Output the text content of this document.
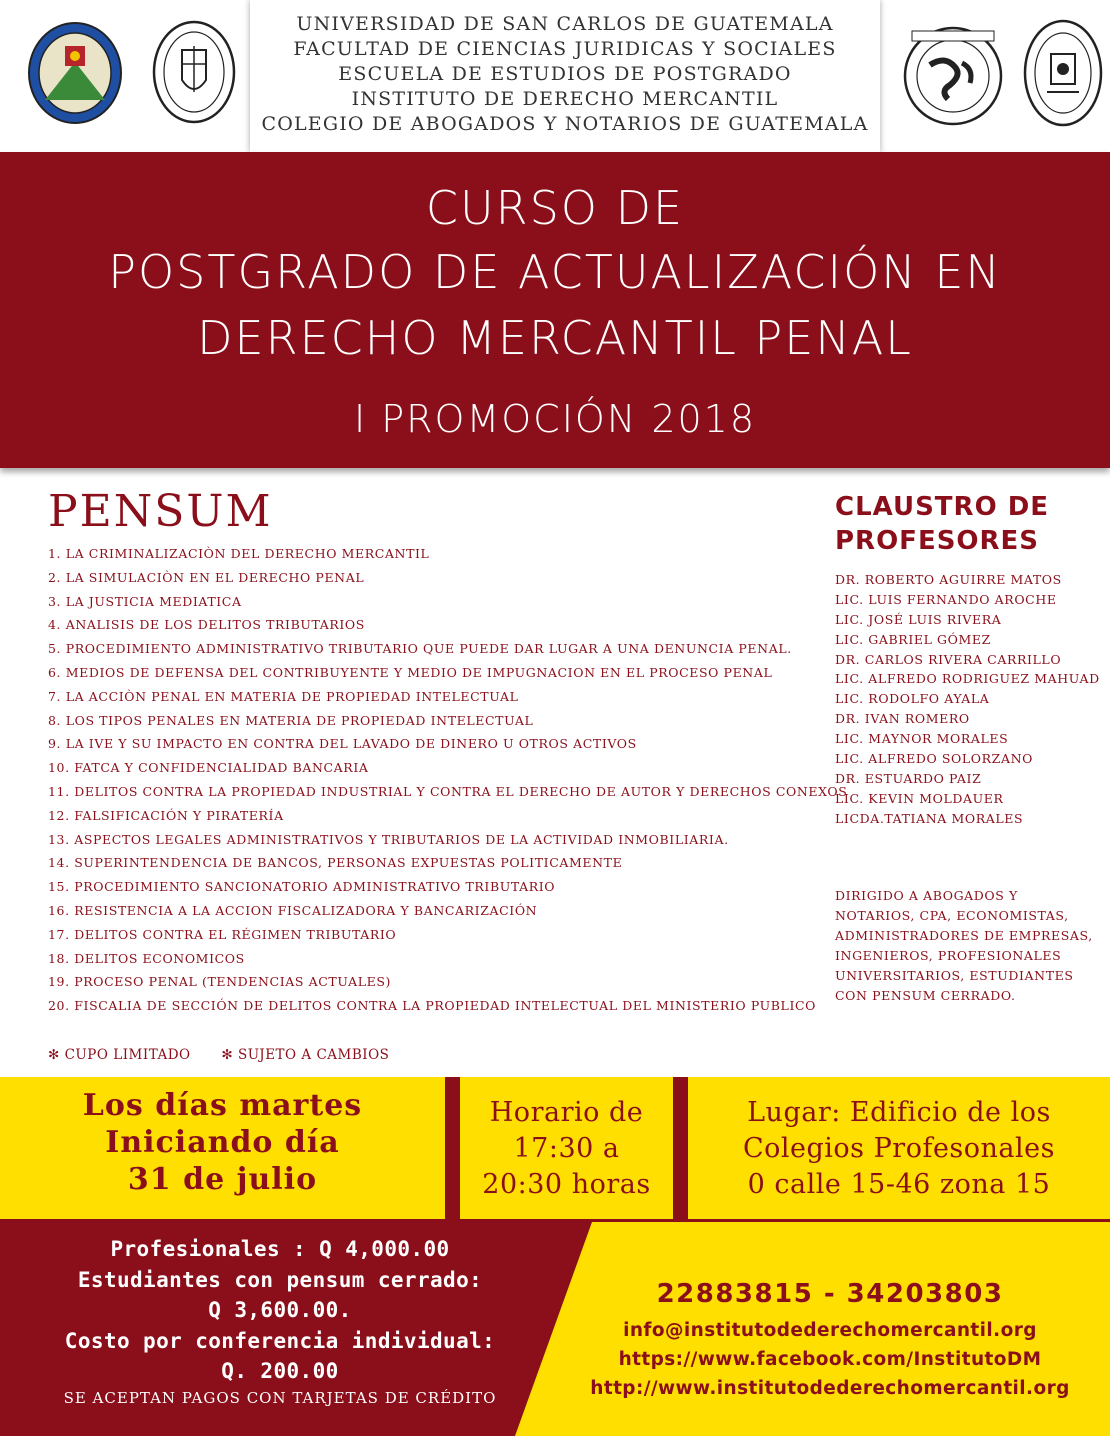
UNIVERSIDAD DE SAN CARLOS DE GUATEMALA
FACULTAD DE CIENCIAS JURIDICAS Y SOCIALES
ESCUELA DE ESTUDIOS DE POSTGRADO
INSTITUTO DE DERECHO MERCANTIL
COLEGIO DE ABOGADOS Y NOTARIOS DE GUATEMALA
CURSO DE
POSTGRADO DE ACTUALIZACIÓN EN
DERECHO MERCANTIL PENAL
I PROMOCIÓN 2018
PENSUM
1. LA CRIMINALIZACIÒN DEL DERECHO MERCANTIL
2. LA SIMULACIÒN EN EL DERECHO PENAL
3. LA JUSTICIA MEDIATICA
4. ANALISIS DE LOS DELITOS TRIBUTARIOS
5. PROCEDIMIENTO ADMINISTRATIVO TRIBUTARIO QUE PUEDE DAR LUGAR A UNA DENUNCIA PENAL.
6. MEDIOS DE DEFENSA DEL CONTRIBUYENTE Y MEDIO DE IMPUGNACION EN EL PROCESO PENAL
7. LA ACCIÒN PENAL EN MATERIA DE PROPIEDAD INTELECTUAL
8. LOS TIPOS PENALES EN MATERIA DE PROPIEDAD INTELECTUAL
9. LA IVE Y SU IMPACTO EN CONTRA DEL LAVADO DE DINERO U OTROS ACTIVOS
10. FATCA Y CONFIDENCIALIDAD BANCARIA
11. DELITOS CONTRA LA PROPIEDAD INDUSTRIAL Y CONTRA EL DERECHO DE AUTOR Y DERECHOS CONEXOS
12. FALSIFICACIÓN Y PIRATERÍA
13. ASPECTOS LEGALES ADMINISTRATIVOS Y TRIBUTARIOS DE LA ACTIVIDAD INMOBILIARIA.
14. SUPERINTENDENCIA DE BANCOS, PERSONAS EXPUESTAS POLITICAMENTE
15. PROCEDIMIENTO SANCIONATORIO ADMINISTRATIVO TRIBUTARIO
16. RESISTENCIA A LA ACCION FISCALIZADORA Y BANCARIZACIÓN
17. DELITOS CONTRA EL RÉGIMEN TRIBUTARIO
18. DELITOS ECONOMICOS
19. PROCESO PENAL (TENDENCIAS ACTUALES)
20. FISCALIA DE SECCIÓN DE DELITOS CONTRA LA PROPIEDAD INTELECTUAL DEL MINISTERIO PUBLICO
CLAUSTRO DE
PROFESORES
DR. ROBERTO AGUIRRE MATOS
LIC. LUIS FERNANDO AROCHE
LIC. JOSÉ LUIS RIVERA
LIC. GABRIEL GÓMEZ
DR. CARLOS RIVERA CARRILLO
LIC. ALFREDO RODRIGUEZ MAHUAD
LIC. RODOLFO AYALA
DR. IVAN ROMERO
LIC. MAYNOR MORALES
LIC. ALFREDO SOLORZANO
DR. ESTUARDO PAIZ
LIC. KEVIN MOLDAUER
LICDA.TATIANA MORALES
DIRIGIDO A ABOGADOS Y NOTARIOS, CPA, ECONOMISTAS, ADMINISTRADORES DE EMPRESAS, INGENIEROS, PROFESIONALES UNIVERSITARIOS, ESTUDIANTES CON PENSUM CERRADO.
✻ CUPO LIMITADO ✻ SUJETO A CAMBIOS
Los días martes
Iniciando día
31 de julio
Horario de
17:30 a
20:30 horas
Lugar: Edificio de los
Colegios Profesonales
0 calle 15-46 zona 15
Profesionales : Q 4,000.00
Estudiantes con pensum cerrado:
Q 3,600.00.
Costo por conferencia individual:
Q. 200.00
SE ACEPTAN PAGOS CON TARJETAS DE CRÉDITO
22883815 - 34203803
info@institutodederechomercantil.org
https://www.facebook.com/InstitutoDM
http://www.institutodederechomercantil.org
